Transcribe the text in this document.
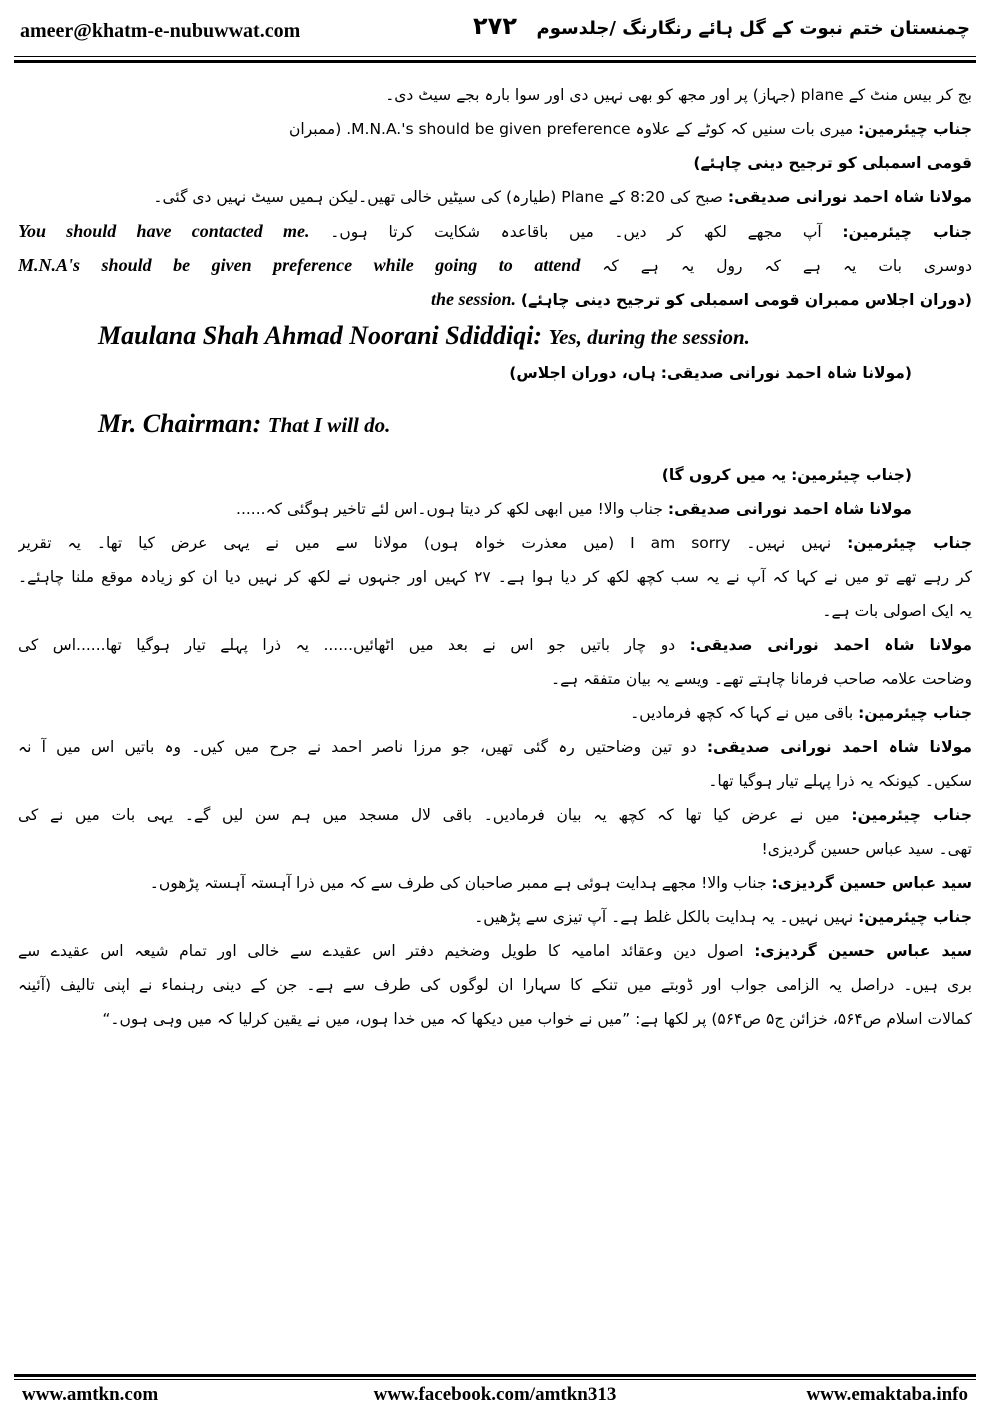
ameer@khatm-e-nubuwwat.com	۲۷۲	چمنستان ختم نبوت کے گل ہائے رنگارنگ /جلدسوم
بج کر بیس منٹ کے plane (جہاز) پر اور مجھ کو بھی نہیں دی اور سوا بارہ بجے سیٹ دی۔
جناب چیئرمین: میری بات سنیں کہ کوٹے کے علاوہ M.N.A.'s should be given preference. (ممبران
قومی اسمبلی کو ترجیح دینی چاہئے)
مولانا شاہ احمد نورانی صدیقی: صبح کی 8:20 کے Plane (طیارہ) کی سیٹیں خالی تھیں۔لیکن ہمیں سیٹ نہیں دی گئی۔
جناب چیئرمین: آپ مجھے لکھ کر دیں۔ میں باقاعدہ شکایت کرتا ہوں۔ You should have contacted me.
دوسری بات یہ ہے کہ رول یہ ہے کہ M.N.A's should be given preference while going to attend
(دوران اجلاس ممبران قومی اسمبلی کو ترجیح دینی چاہئے) the session.
Maulana Shah Ahmad Noorani Sdiddiqi: Yes, during the session.
(مولانا شاہ احمد نورانی صدیقی: ہاں، دوران اجلاس)
Mr. Chairman: That I will do.
(جناب چیئرمین: یہ میں کروں گا)
مولانا شاہ احمد نورانی صدیقی: جناب والا! میں ابھی لکھ کر دیتا ہوں۔اس لئے تاخیر ہوگئی کہ......
جناب چیئرمین: نہیں نہیں۔ I am sorry (میں معذرت خواہ ہوں) مولانا سے میں نے یہی عرض کیا تھا۔ یہ تقریر
کر رہے تھے تو میں نے کہا کہ آپ نے یہ سب کچھ لکھ کر دیا ہوا ہے۔ ۲۷ کہیں اور جنہوں نے لکھ کر نہیں دیا ان کو زیادہ موقع ملنا چاہئے۔
یہ ایک اصولی بات ہے۔
مولانا شاہ احمد نورانی صدیقی: دو چار باتیں جو اس نے بعد میں اٹھائیں...... یہ ذرا پہلے تیار ہوگیا تھا......اس کی
وضاحت علامہ صاحب فرمانا چاہتے تھے۔ ویسے یہ بیان متفقہ ہے۔
جناب چیئرمین: باقی میں نے کہا کہ کچھ فرمادیں۔
مولانا شاہ احمد نورانی صدیقی: دو تین وضاحتیں رہ گئی تھیں، جو مرزا ناصر احمد نے جرح میں کیں۔ وہ باتیں اس میں آ نہ
سکیں۔ کیونکہ یہ ذرا پہلے تیار ہوگیا تھا۔
جناب چیئرمین: میں نے عرض کیا تھا کہ کچھ یہ بیان فرمادیں۔ باقی لال مسجد میں ہم سن لیں گے۔ یہی بات میں نے کی
تھی۔ سید عباس حسین گردیزی!
سید عباس حسین گردیزی: جناب والا! مجھے ہدایت ہوئی ہے ممبر صاحبان کی طرف سے کہ میں ذرا آہستہ آہستہ پڑھوں۔
جناب چیئرمین: نہیں نہیں۔ یہ ہدایت بالکل غلط ہے۔ آپ تیزی سے پڑھیں۔
سید عباس حسین گردیزی: اصول دین وعقائد امامیہ کا طویل وضخیم دفتر اس عقیدے سے خالی اور تمام شیعہ اس عقیدے سے
بری ہیں۔ دراصل یہ الزامی جواب اور ڈوبتے میں تنکے کا سہارا ان لوگوں کی طرف سے ہے۔ جن کے دینی رہنماء نے اپنی تالیف (آئینہ
کمالات اسلام ص۵۶۴، خزائن ج۵ ص۵۶۴) پر لکھا ہے: ”میں نے خواب میں دیکھا کہ میں خدا ہوں، میں نے یقین کرلیا کہ میں وہی ہوں۔“
www.amtkn.com	www.facebook.com/amtkn313	www.emaktaba.info
